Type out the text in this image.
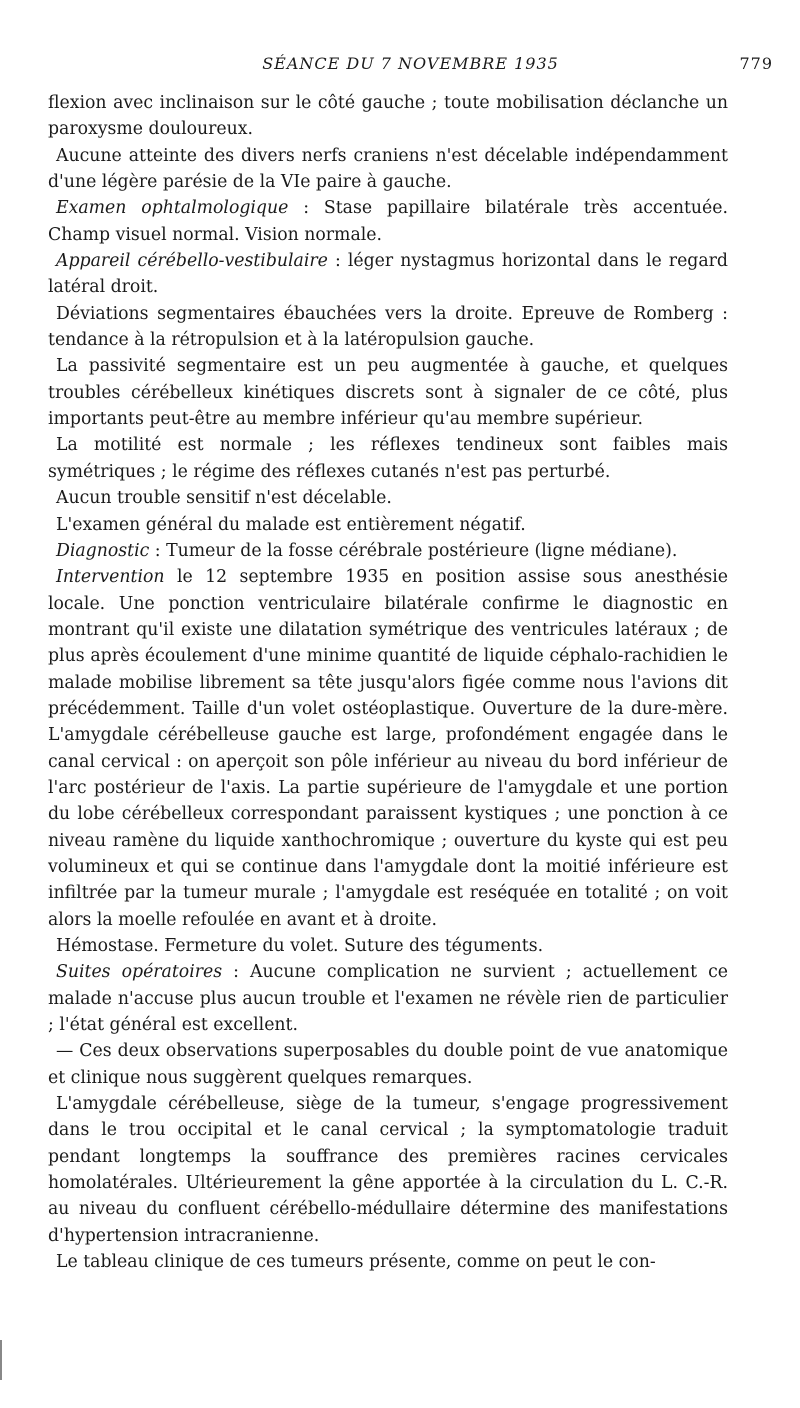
SÉANCE DU 7 NOVEMBRE 1935	779

flexion avec inclinaison sur le côté gauche ; toute mobilisation déclanche un paroxysme douloureux.

Aucune atteinte des divers nerfs craniens n'est décelable indépendamment d'une légère parésie de la VIe paire à gauche.

Examen ophtalmologique : Stase papillaire bilatérale très accentuée. Champ visuel normal. Vision normale.

Appareil cérébello-vestibulaire : léger nystagmus horizontal dans le regard latéral droit.

Déviations segmentaires ébauchées vers la droite. Epreuve de Romberg : tendance à la rétropulsion et à la latéropulsion gauche.

La passivité segmentaire est un peu augmentée à gauche, et quelques troubles cérébelleux kinétiques discrets sont à signaler de ce côté, plus importants peut-être au membre inférieur qu'au membre supérieur.

La motilité est normale ; les réflexes tendineux sont faibles mais symétriques ; le régime des réflexes cutanés n'est pas perturbé.

Aucun trouble sensitif n'est décelable.

L'examen général du malade est entièrement négatif.

Diagnostic : Tumeur de la fosse cérébrale postérieure (ligne médiane).

Intervention le 12 septembre 1935 en position assise sous anesthésie locale. Une ponction ventriculaire bilatérale confirme le diagnostic en montrant qu'il existe une dilatation symétrique des ventricules latéraux ; de plus après écoulement d'une minime quantité de liquide céphalo-rachidien le malade mobilise librement sa tête jusqu'alors figée comme nous l'avions dit précédemment. Taille d'un volet ostéoplastique. Ouverture de la dure-mère. L'amygdale cérébelleuse gauche est large, profondément engagée dans le canal cervical : on aperçoit son pôle inférieur au niveau du bord inférieur de l'arc postérieur de l'axis. La partie supérieure de l'amygdale et une portion du lobe cérébelleux correspondant paraissent kystiques ; une ponction à ce niveau ramène du liquide xanthochromique ; ouverture du kyste qui est peu volumineux et qui se continue dans l'amygdale dont la moitié inférieure est infiltrée par la tumeur murale ; l'amygdale est reséquée en totalité ; on voit alors la moelle refoulée en avant et à droite.

Hémostase. Fermeture du volet. Suture des téguments.

Suites opératoires : Aucune complication ne survient ; actuellement ce malade n'accuse plus aucun trouble et l'examen ne révèle rien de particulier ; l'état général est excellent.

— Ces deux observations superposables du double point de vue anatomique et clinique nous suggèrent quelques remarques.

L'amygdale cérébelleuse, siège de la tumeur, s'engage progressivement dans le trou occipital et le canal cervical ; la symptomatologie traduit pendant longtemps la souffrance des premières racines cervicales homolatérales. Ultérieurement la gêne apportée à la circulation du L. C.-R. au niveau du confluent cérébello-médullaire détermine des manifestations d'hypertension intracranienne.

Le tableau clinique de ces tumeurs présente, comme on peut le con-
